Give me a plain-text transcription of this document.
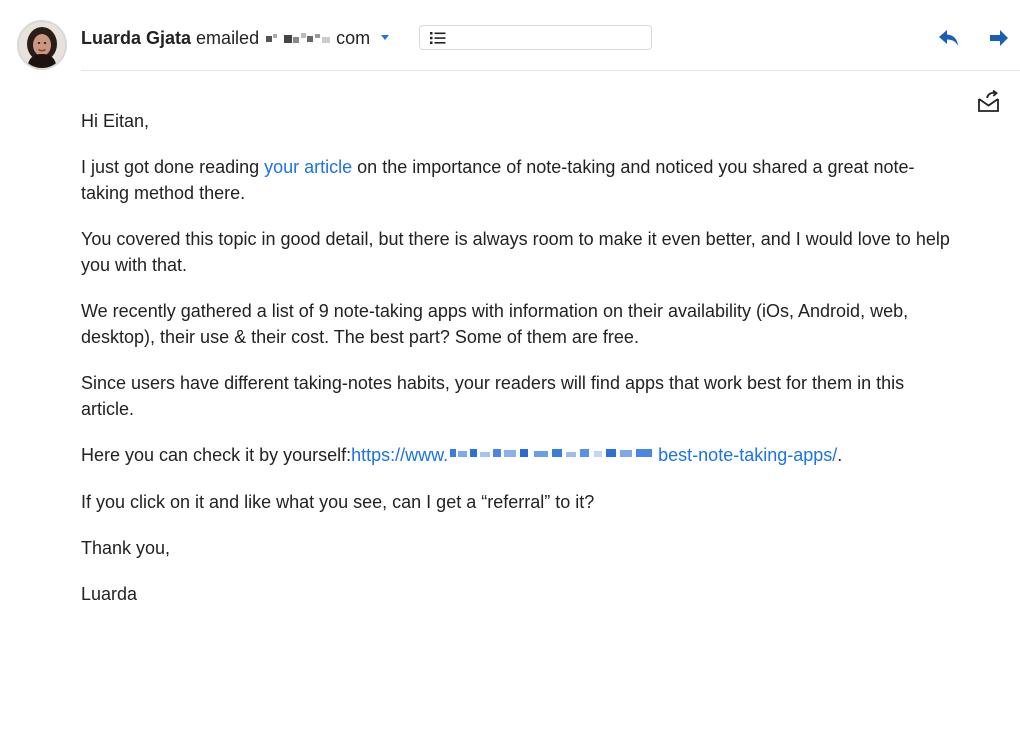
Luarda Gjata emailed	com

Hi Eitan,

I just got done reading your article on the importance of note-taking and noticed you shared a great note-taking method there.

You covered this topic in good detail, but there is always room to make it even better, and I would love to help you with that.

We recently gathered a list of 9 note-taking apps with information on their availability (iOs, Android, web, desktop), their use & their cost. The best part? Some of them are free.

Since users have different taking-notes habits, your readers will find apps that work best for them in this article.

Here you can check it by yourself:https://www.	best-note-taking-apps/.

If you click on it and like what you see, can I get a “referral” to it?

Thank you,

Luarda
